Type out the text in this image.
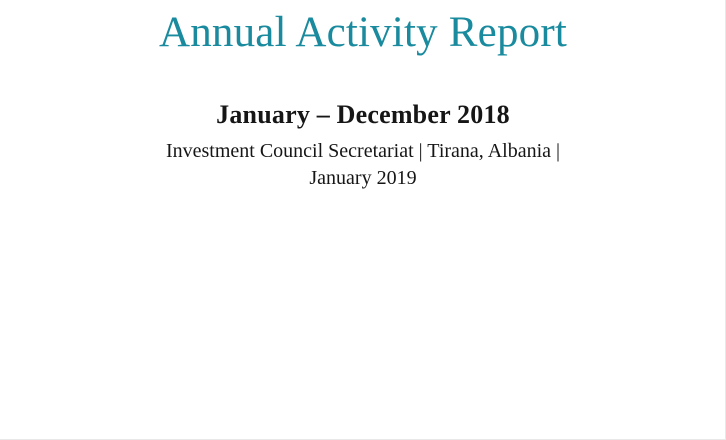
Annual Activity Report

January – December 2018

Investment Council Secretariat | Tirana, Albania | January 2019
